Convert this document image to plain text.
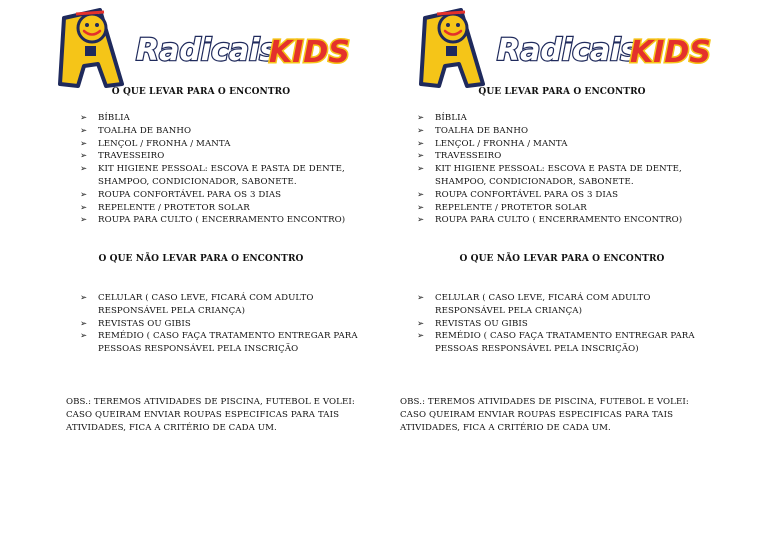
Radicais
KIDS
O QUE LEVAR PARA O ENCONTRO
➢ BÍBLIA
➢ TOALHA DE BANHO
➢ LENÇOL / FRONHA / MANTA
➢ TRAVESSEIRO
➢ KIT HIGIENE PESSOAL: ESCOVA E PASTA DE DENTE, SHAMPOO, CONDICIONADOR, SABONETE.
➢ ROUPA CONFORTÁVEL PARA OS 3 DIAS
➢ REPELENTE / PROTETOR SOLAR
➢ ROUPA PARA CULTO ( ENCERRAMENTO ENCONTRO)
O QUE NÃO LEVAR PARA O ENCONTRO
➢ CELULAR ( CASO LEVE, FICARÁ COM ADULTO RESPONSÁVEL PELA CRIANÇA)
➢ REVISTAS OU GIBIS
➢ REMÉDIO ( CASO FAÇA TRATAMENTO ENTREGAR PARA PESSOAS RESPONSÁVEL PELA INSCRIÇÃO

OBS.: TEREMOS ATIVIDADES DE PISCINA, FUTEBOL E VOLEI: CASO QUEIRAM ENVIAR ROUPAS ESPECIFICAS PARA TAIS ATIVIDADES, FICA A CRITÉRIO DE CADA UM.

Radicais
KIDS
QUE LEVAR PARA O ENCONTRO
➢ BÍBLIA
➢ TOALHA DE BANHO
➢ LENÇOL / FRONHA / MANTA
➢ TRAVESSEIRO
➢ KIT HIGIENE PESSOAL: ESCOVA E PASTA DE DENTE, SHAMPOO, CONDICIONADOR, SABONETE.
➢ ROUPA CONFORTÁVEL PARA OS 3 DIAS
➢ REPELENTE / PROTETOR SOLAR
➢ ROUPA PARA CULTO ( ENCERRAMENTO ENCONTRO)
O QUE NÃO LEVAR PARA O ENCONTRO
➢ CELULAR ( CASO LEVE, FICARÁ COM ADULTO RESPONSÁVEL PELA CRIANÇA)
➢ REVISTAS OU GIBIS
➢ REMÉDIO ( CASO FAÇA TRATAMENTO ENTREGAR PARA PESSOAS RESPONSÁVEL PELA INSCRIÇÃO)

OBS.: TEREMOS ATIVIDADES DE PISCINA, FUTEBOL E VOLEI: CASO QUEIRAM ENVIAR ROUPAS ESPECIFICAS PARA TAIS ATIVIDADES, FICA A CRITÉRIO DE CADA UM.
